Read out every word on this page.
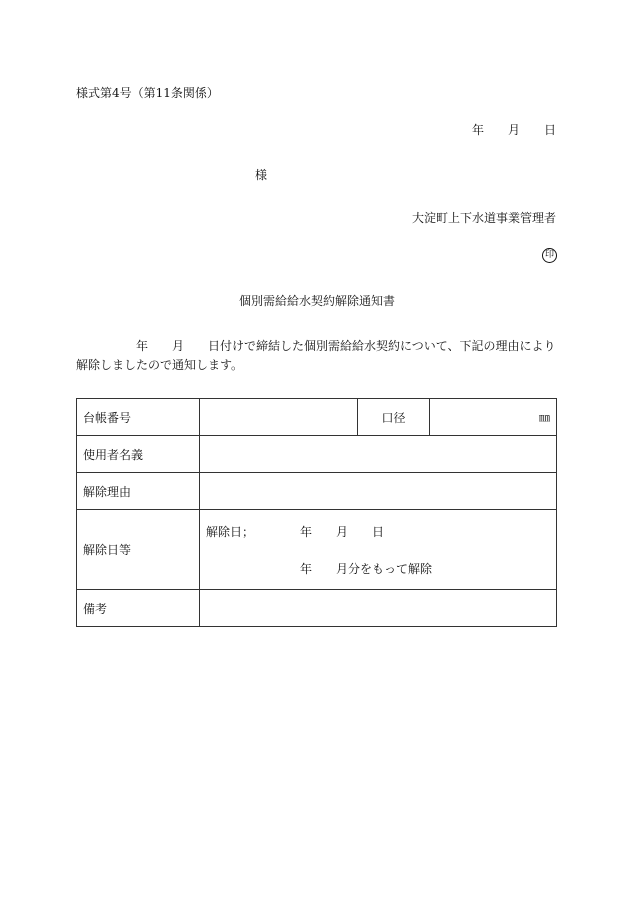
様式第4号（第11条関係）
年　　月　　日
様
大淀町上下水道事業管理者
印
個別需給給水契約解除通知書
年　　月　　日付けで締結した個別需給給水契約について、下記の理由により
解除しましたので通知します。
台帳番号		口径	㎜
使用者名義			
解除理由			
解除日等	解除日； 年　　月　　日
年　　月分をもって解除		

備考			
